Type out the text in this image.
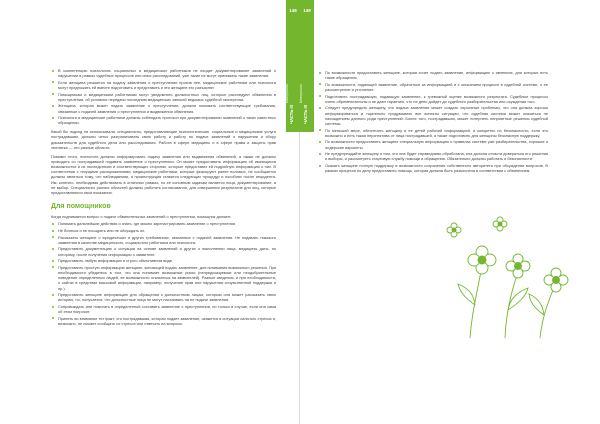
В компетенцию психологов, социальных и медицинских работников не входит документирование заявлений о нарушении в рамках судебных процессов или иных расследований, уже такие не могут принимать такие заявления.
Если женщина решается на подачу заявления о преступлении против нее, медицинские работники или психологи могут предложить ей вместе подготовить и представить и эти женщине его разъяснят.
Помощникам и медицинским работникам могут уведомлять должностных лиц, которые расследуют обвинения в преступлении, об условиях передачи последним медицинских записей ведомых судебной экспертизы.
Женщина, которая может подать заявление о преступлении, должна понимать соответствующие требования, связанные с подачей заявления о преступлении и выдвижении обвинения.
Психологи и медицинские работники должны соблюдать протокол при документировании заявлений о таких известных обращении.

Какой бы подход ни использовали, специалисты, предоставляющие психологические, социальные и медицинские услуги пострадавшим, должны четко разграничивать свою работу и работу по подаче заявлений о нарушении и сбору доказательств для судебного дела или расследования. Работа в сфере медицины и в сфере права и защиты прав человека — это разные области.

Помимо этого, психологи должны информировать подачу заявления или выдвижения обвинений, а также не должны проводить со пострадавшей подавать заявление о преступлении. Он может предоставить информацию об имеющихся возможностях и их последствиях и соответствующих сторонах, которые предоставят ей подробную информацию о них. В соответствии с текущими распоряжениями, медицинские работники, которые фиксируют ранее половых, не сообщается должны являться тому, что наблюдаемая, а проинструкция ставится следующих процедур и пособиях после инцидента. Им, конечно, необходимы действовать в отличных рамках, но ее основным задачам является лица, документирование, а не выбор. Специалисты разных областей должны работать согласованно, для совершения результатов для лиц, которые предоставляются свои показания.

Для помощников

Когда поднимается вопрос о подаче обвинительных заявлений о преступлении, помощник должен:

Понимать дальнейшие действия и знать, где можно зарегистрировать заявление о преступлении.
Не бояться и не поощрять или не обсуждать их.
Рассказать женщине о юридических и других требованиях, связанных с подачей заявления. Не подавать никакого заявления в качестве медицинского, социального работника или психолога.
Предоставить документацию о ситуации на основе заявлений и других о выполнении лица, медицины даты, по которому, после получения информации о заявителе.
Предоставить любую информацию в строго объективном виде.
Предоставить простую информацию женщине, желающей подать заявление, для понимания возможного решения. При необходимости убедитесь в том, что она понимает возможные риски (непредсказуемые или неодобрительные поведение определенных людей, ее возможности отказаться на заявителей). Разные сведения, и при необходимости, о сайтах в средствах массовой информации, например, получение прав или нарушения сочувственной поддержки и пр.).
Предоставить женщине информацию для обращения к должностным лицам, которым она может рассказать свою историю, но, получается, что должностные лица не могут настаивать на ее подаче заявления.
Сопровождать или помогать в определенной составить заявление о преступлении, но только в случае, если она сама об этом попросит.
Принять во внимание тот факт, что пострадавшая, которая подает заявление, окажется в ситуации сильного стресса и, возможно, не сможет сообщать со стресса или отвечать на вопросы.
По возможности предоставить женщине, которая хочет подать заявление, информацию о явлениях, для которых есть такие обращения.
По возможности, подающей заявление, обратиться за информацией и с описанием процессе в судебной системе, о ее рассмотрение и уточнение.
Подготовить пострадавшую, подающую заявление, к тревожной оценке возможного результата. Судебные процессы очень обременительны и не дают гарантию, что не дело дойдет до судебного разбирательства или осуждения того.
Следует предупредить женщину, что подача заявления может создать серьезные проблемы, что она должна хорошо информироваться и тщательно продумывать все аспекты ситуации, что судебная система может оказаться не нахождением данного рода преступлений. Более того, пострадавшая, может потерпеть неприятные решения судебной системы.
По меньшей мере, обеспечить женщину и ее детей рабочей информацией, и конкретно по безопасности, если это возможно и есть такая перспектива от лица пострадавшей, а также подготовить для женщины безопасную поддержку.
По возможности предоставить женщине специальную информацию о правилах системе уже разбирательства, хорошие и лидерские варианты.
Не предупреждайте женщину о том, что она будет справедливо обработана, она должна отчасти доверяться его решения и выборы, и рассмотреть стартовую службу помощи и обращения. Обязательно должны работать и безопасности.
Оказать женщине полную поддержку в возможности сохранения собственного авторитета при обсуждении вопросов. В рамках процесса по делу предоставить помощь, которая должна быть разъяснена в соответствии с обвинением.
148
ЧАСТЬ III
Материалы
149
ЧАСТЬ III
Материалы
